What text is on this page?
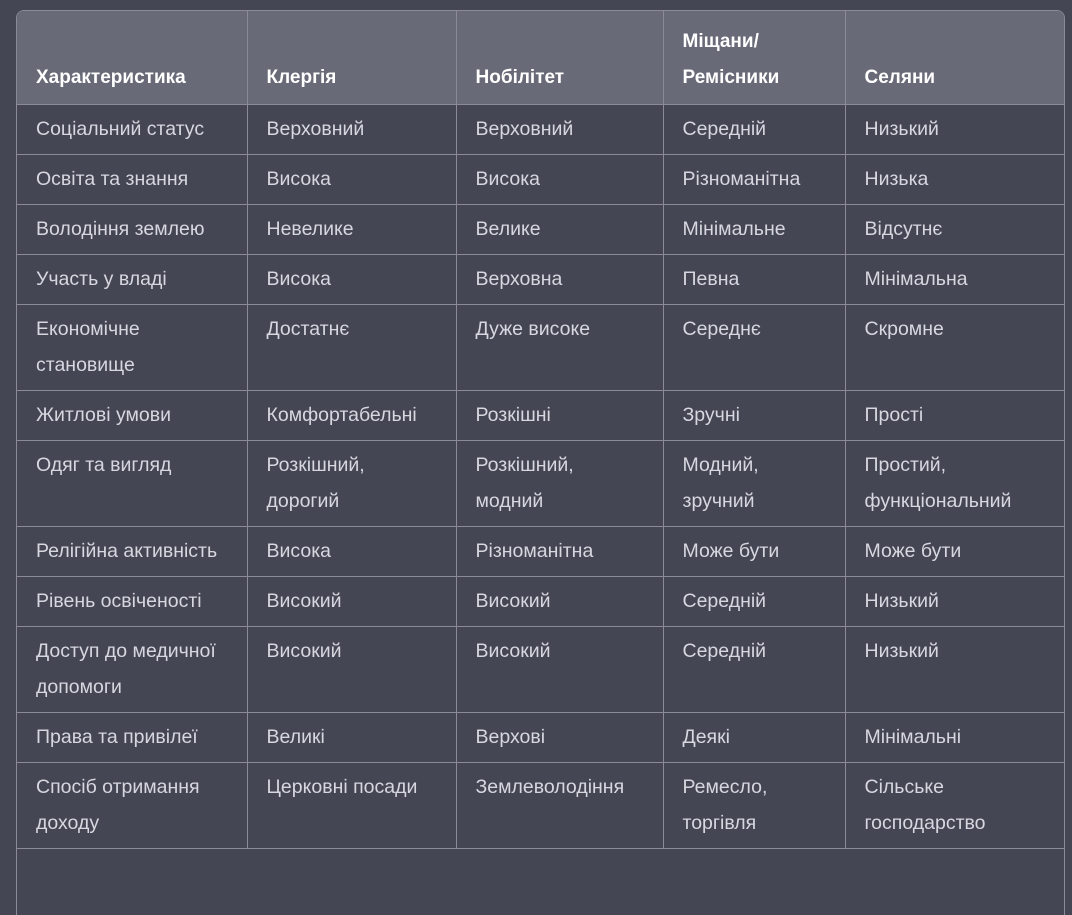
Характеристика	Клергія	Нобілітет	Міщани/ Ремісники	Селяни
Соціальний статус	Верховний	Верховний	Середній	Низький
Освіта та знання	Висока	Висока	Різноманітна	Низька
Володіння землею	Невелике	Велике	Мінімальне	Відсутнє
Участь у владі	Висока	Верховна	Певна	Мінімальна
Економічне становище	Достатнє	Дуже високе	Середнє	Скромне
Житлові умови	Комфортабельні	Розкішні	Зручні	Прості
Одяг та вигляд	Розкішний, дорогий	Розкішний, модний	Модний, зручний	Простий, функціональний
Релігійна активність	Висока	Різноманітна	Може бути	Може бути
Рівень освіченості	Високий	Високий	Середній	Низький
Доступ до медичної допомоги	Високий	Високий	Середній	Низький
Права та привілеї	Великі	Верхові	Деякі	Мінімальні
Спосіб отримання доходу	Церковні посади	Землеволодіння	Ремесло, торгівля	Сільське господарство
